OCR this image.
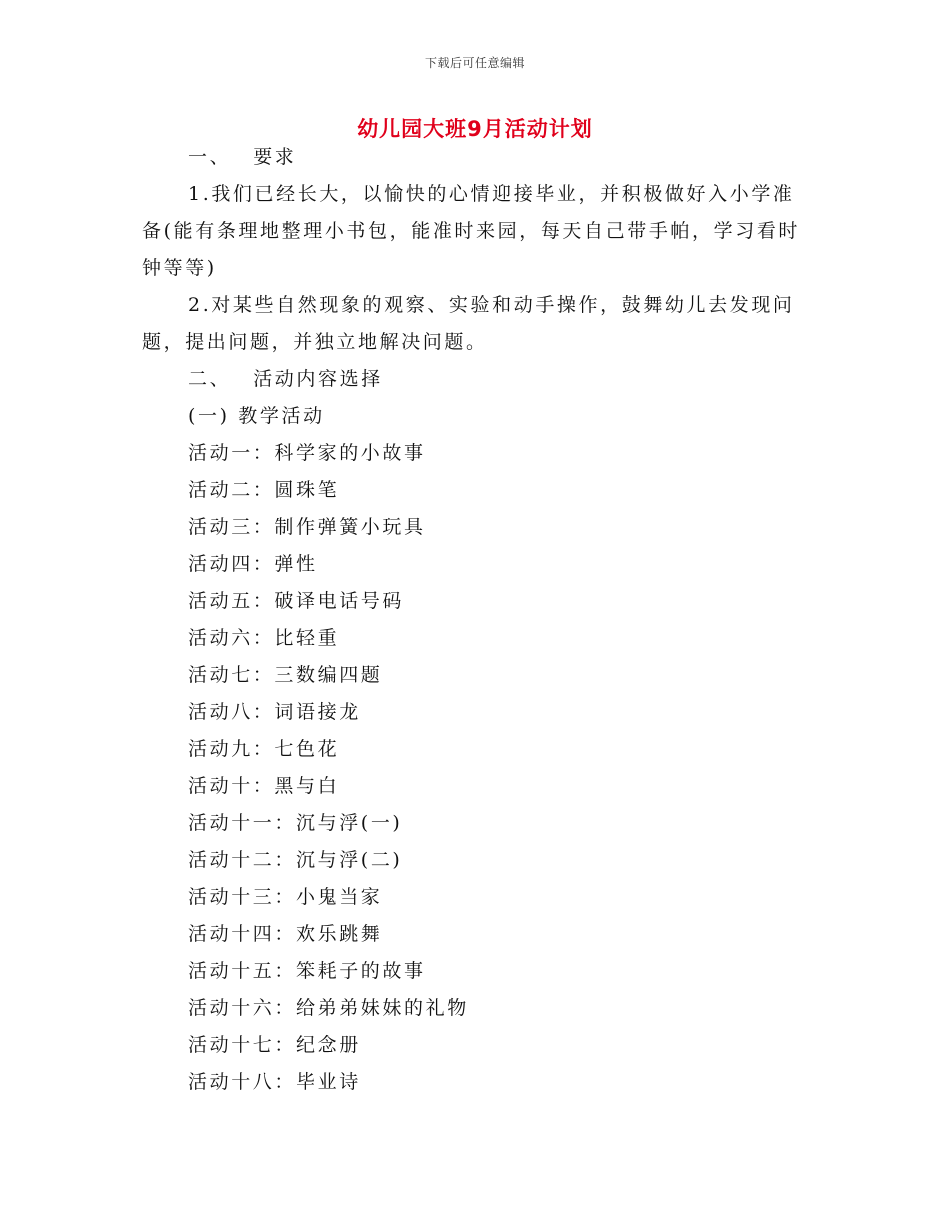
下载后可任意编辑
幼儿园大班9月活动计划
一、 要求

1.我们已经长大，以愉快的心情迎接毕业，并积极做好入小学准备(能有条理地整理小书包，能准时来园，每天自己带手帕，学习看时钟等等)

2.对某些自然现象的观察、实验和动手操作，鼓舞幼儿去发现问题，提出问题，并独立地解决问题。

二、 活动内容选择
(一) 教学活动
活动一：科学家的小故事
活动二：圆珠笔
活动三：制作弹簧小玩具
活动四：弹性
活动五：破译电话号码
活动六：比轻重
活动七：三数编四题
活动八：词语接龙
活动九：七色花
活动十：黑与白
活动十一：沉与浮(一)
活动十二：沉与浮(二)
活动十三：小鬼当家
活动十四：欢乐跳舞
活动十五：笨耗子的故事
活动十六：给弟弟妹妹的礼物
活动十七：纪念册
活动十八：毕业诗
